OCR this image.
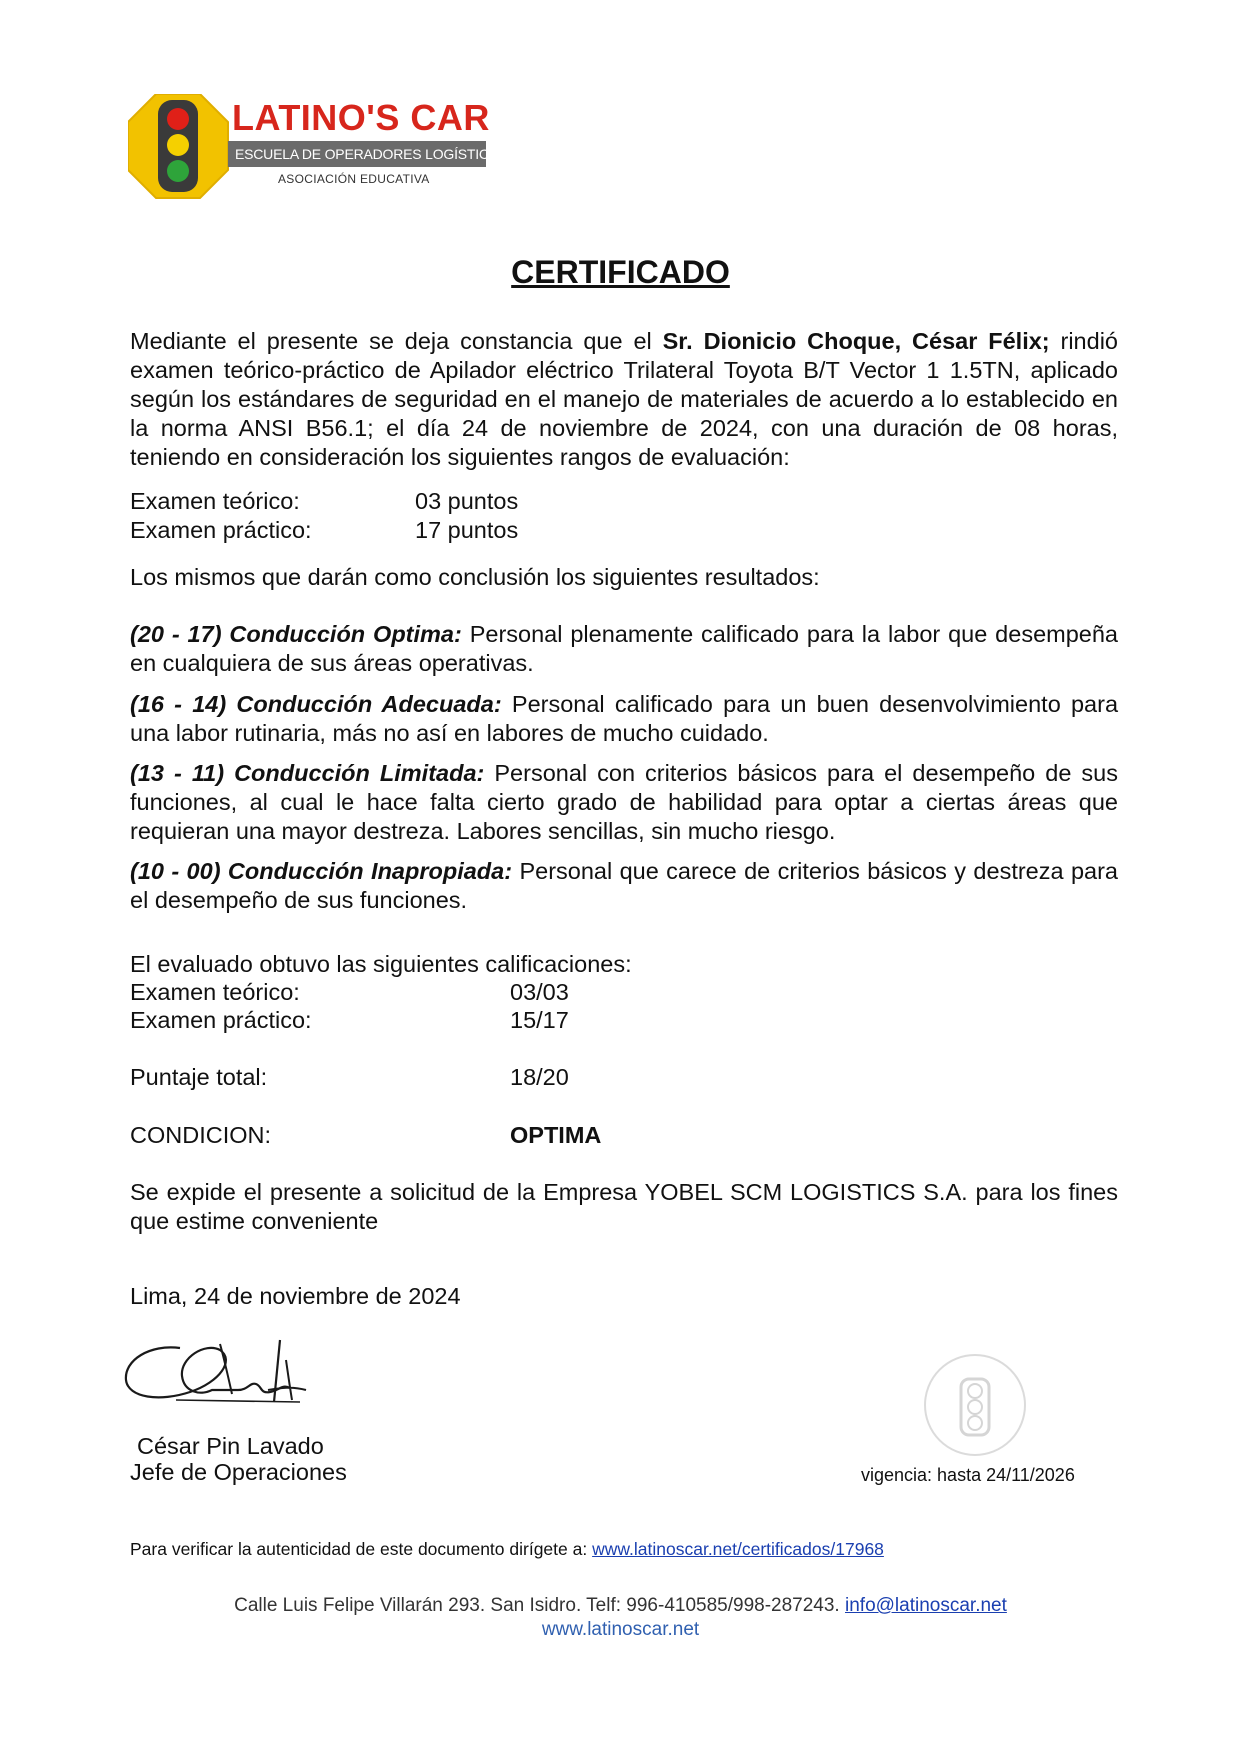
LATINO'S CAR
ESCUELA DE OPERADORES LOGÍSTICOS
ASOCIACIÓN EDUCATIVA
CERTIFICADO
Mediante el presente se deja constancia que el Sr. Dionicio Choque, César Félix; rindió examen teórico-práctico de Apilador eléctrico Trilateral Toyota B/T Vector 1 1.5TN, aplicado según los estándares de seguridad en el manejo de materiales de acuerdo a lo establecido en la norma ANSI B56.1; el día 24 de noviembre de 2024, con una duración de 08 horas, teniendo en consideración los siguientes rangos de evaluación:
Examen teórico:	03 puntos
Examen práctico:	17 puntos
Los mismos que darán como conclusión los siguientes resultados:
(20 - 17) Conducción Optima: Personal plenamente calificado para la labor que desempeña en cualquiera de sus áreas operativas.
(16 - 14) Conducción Adecuada: Personal calificado para un buen desenvolvimiento para una labor rutinaria, más no así en labores de mucho cuidado.
(13 - 11) Conducción Limitada: Personal con criterios básicos para el desempeño de sus funciones, al cual le hace falta cierto grado de habilidad para optar a ciertas áreas que requieran una mayor destreza. Labores sencillas, sin mucho riesgo.
(10 - 00) Conducción Inapropiada: Personal que carece de criterios básicos y destreza para el desempeño de sus funciones.
El evaluado obtuvo las siguientes calificaciones:
Examen teórico:	03/03
Examen práctico:	15/17
Puntaje total:	18/20
CONDICION:	OPTIMA
Se expide el presente a solicitud de la Empresa YOBEL SCM LOGISTICS S.A. para los fines que estime conveniente
Lima, 24 de noviembre de 2024
César Pin Lavado
Jefe de Operaciones	vigencia: hasta 24/11/2026
Para verificar la autenticidad de este documento dirígete a: www.latinoscar.net/certificados/17968
Calle Luis Felipe Villarán 293. San Isidro. Telf: 996-410585/998-287243. info@latinoscar.net
www.latinoscar.net
